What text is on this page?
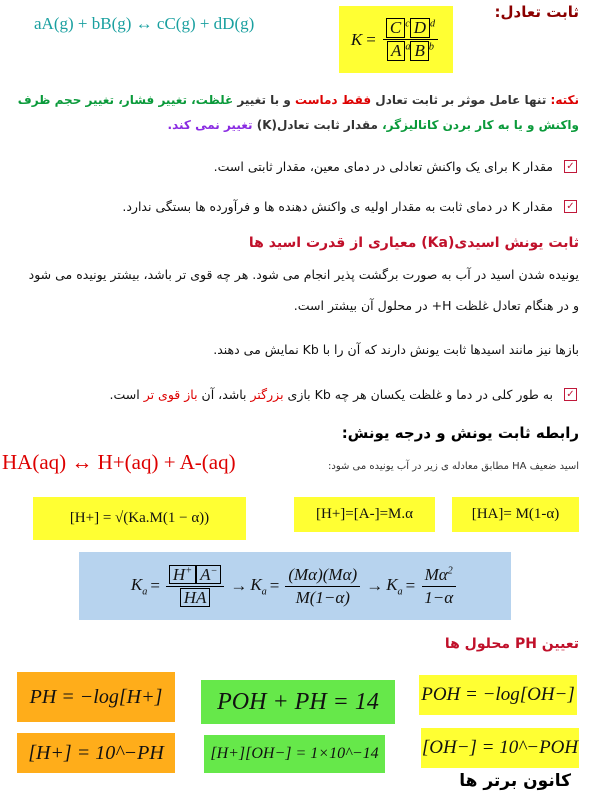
ثابت تعادل:
aA(g) + bB(g) ↔ cC(g) + dD(g)
$K = \frac{C ^c D ^d}{A ^a B ^b}$
نکته: تنها عامل موثر بر ثابت تعادل فقط دماست و با تغییر غلظت، تغییر فشار، تغییر حجم ظرف واکنش و یا به کار بردن کاتالیزگر، مقدار ثابت تعادل(K) تغییر نمی کند.
✓
مقدار K برای یک واکنش تعادلی در دمای معین، مقدار ثابتی است.
✓
مقدار K در دمای ثابت به مقدار اولیه ی واکنش دهنده ها و فرآورده ها بستگی ندارد.
ثابت یونش اسیدی(Ka) معیاری از قدرت اسید ها
یونیده شدن اسید در آب به صورت برگشت پذیر انجام می شود. هر چه قوی تر باشد، بیشتر یونیده می شود
و در هنگام تعادل غلظت H+ در محلول آن بیشتر است.
بازها نیز مانند اسیدها ثابت یونش دارند که آن را با Kb نمایش می دهند.
✓
به طور کلی در دما و غلظت یکسان هر چه Kb بازی بزرگتر باشد، آن باز قوی تر است.
رابطه ثابت یونش و درجه یونش:
HA(aq) ↔ H+(aq) + A-(aq)	اسید ضعیف HA مطابق معادله ی زیر در آب یونیده می شود:
[H+] = √(Ka.M(1 − α))	[H+]=[A-]=M.α	[HA]= M(1-α)
$K_a = \frac{H^+ A^-}{HA} \to K_a = \frac{(M\alpha)(M\alpha)}{M(1-\alpha)} \to K_a = \frac{M\alpha^2}{1-\alpha}$
تعیین PH محلول ها
PH = −log[H+] POH + PH = 14 POH = −log[OH−]
[H+] = 10^−PH	[H+][OH−] = 1×10^−14 [OH−] = 10^−POH
کانون برتر ها
